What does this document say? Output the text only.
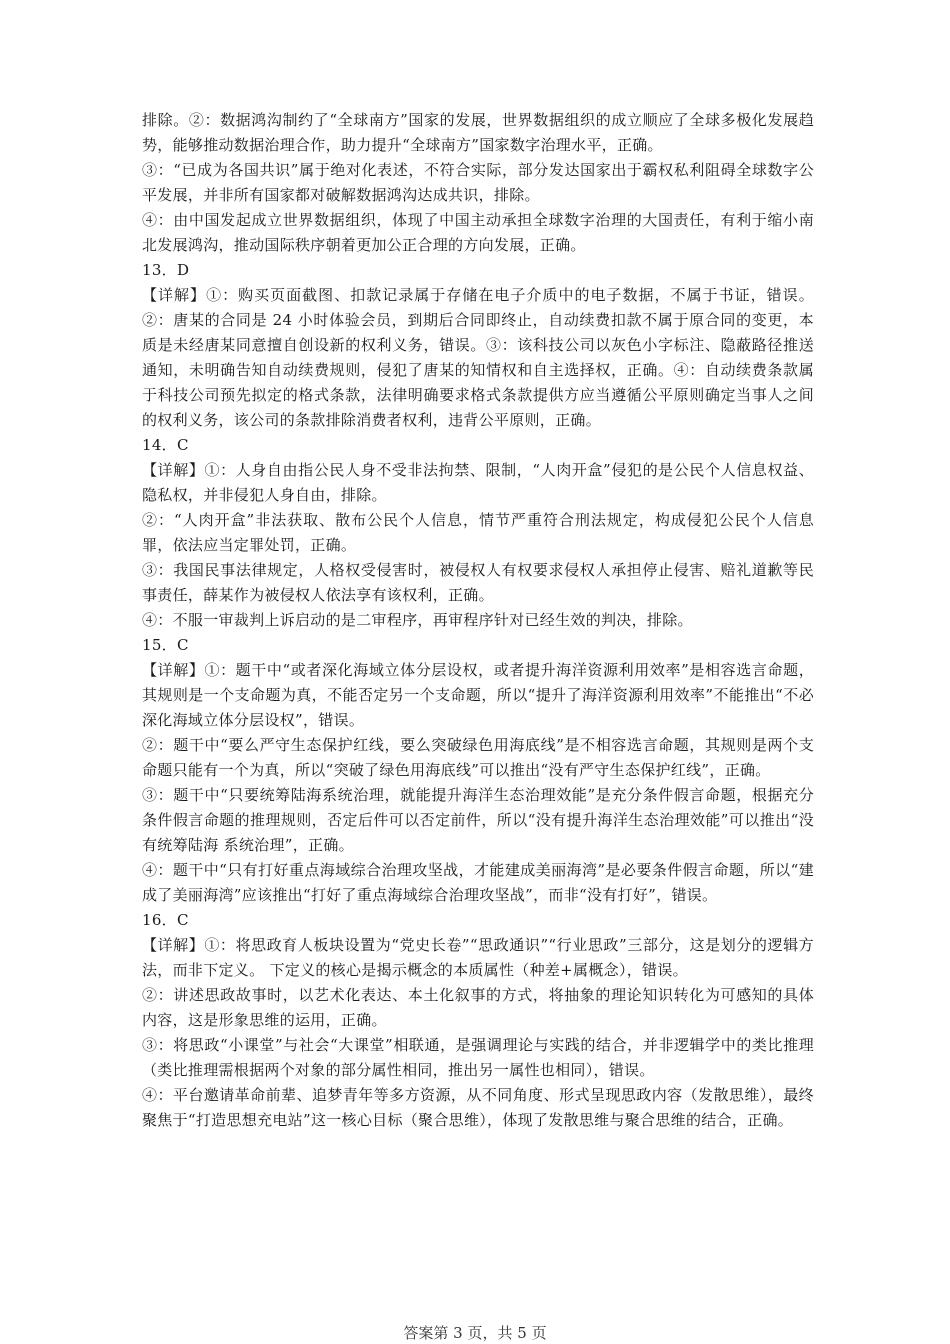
排除。②：数据鸿沟制约了“全球南方”国家的发展，世界数据组织的成立顺应了全球多极化发展趋势，能够推动数据治理合作，助力提升“全球南方”国家数字治理水平，正确。

③：“已成为各国共识”属于绝对化表述，不符合实际，部分发达国家出于霸权私利阻碍全球数字公平发展，并非所有国家都对破解数据鸿沟达成共识，排除。

④：由中国发起成立世界数据组织，体现了中国主动承担全球数字治理的大国责任，有利于缩小南北发展鸿沟，推动国际秩序朝着更加公正合理的方向发展，正确。

13．D

【详解】①：购买页面截图、扣款记录属于存储在电子介质中的电子数据，不属于书证，错误。②：唐某的合同是 24 小时体验会员，到期后合同即终止，自动续费扣款不属于原合同的变更，本质是未经唐某同意擅自创设新的权利义务，错误。③：该科技公司以灰色小字标注、隐蔽路径推送通知，未明确告知自动续费规则，侵犯了唐某的知情权和自主选择权，正确。④：自动续费条款属于科技公司预先拟定的格式条款，法律明确要求格式条款提供方应当遵循公平原则确定当事人之间的权利义务，该公司的条款排除消费者权利，违背公平原则，正确。

14．C

【详解】①：人身自由指公民人身不受非法拘禁、限制，“人肉开盒”侵犯的是公民个人信息权益、隐私权，并非侵犯人身自由，排除。

②：“人肉开盒”非法获取、散布公民个人信息，情节严重符合刑法规定，构成侵犯公民个人信息罪，依法应当定罪处罚，正确。

③：我国民事法律规定，人格权受侵害时，被侵权人有权要求侵权人承担停止侵害、赔礼道歉等民事责任，薛某作为被侵权人依法享有该权利，正确。

④：不服一审裁判上诉启动的是二审程序，再审程序针对已经生效的判决，排除。

15．C

【详解】①：题干中“或者深化海域立体分层设权，或者提升海洋资源利用效率”是相容选言命题，其规则是一个支命题为真，不能否定另一个支命题，所以“提升了海洋资源利用效率”不能推出“不必深化海域立体分层设权”，错误。

②：题干中“要么严守生态保护红线，要么突破绿色用海底线”是不相容选言命题，其规则是两个支命题只能有一个为真，所以“突破了绿色用海底线”可以推出“没有严守生态保护红线”，正确。

③：题干中“只要统筹陆海系统治理，就能提升海洋生态治理效能”是充分条件假言命题，根据充分条件假言命题的推理规则，否定后件可以否定前件，所以“没有提升海洋生态治理效能”可以推出“没有统筹陆海 系统治理”，正确。

④：题干中“只有打好重点海域综合治理攻坚战，才能建成美丽海湾”是必要条件假言命题，所以“建成了美丽海湾”应该推出“打好了重点海域综合治理攻坚战”，而非“没有打好”，错误。

16．C

【详解】①：将思政育人板块设置为“党史长卷”“思政通识”“行业思政”三部分，这是划分的逻辑方法，而非下定义。 下定义的核心是揭示概念的本质属性（种差+属概念），错误。

②：讲述思政故事时，以艺术化表达、本土化叙事的方式，将抽象的理论知识转化为可感知的具体内容，这是形象思维的运用，正确。

③：将思政“小课堂”与社会“大课堂”相联通，是强调理论与实践的结合，并非逻辑学中的类比推理（类比推理需根据两个对象的部分属性相同，推出另一属性也相同），错误。

④：平台邀请革命前辈、追梦青年等多方资源，从不同角度、形式呈现思政内容（发散思维），最终聚焦于“打造思想充电站”这一核心目标（聚合思维），体现了发散思维与聚合思维的结合，正确。

答案第 3 页，共 5 页
